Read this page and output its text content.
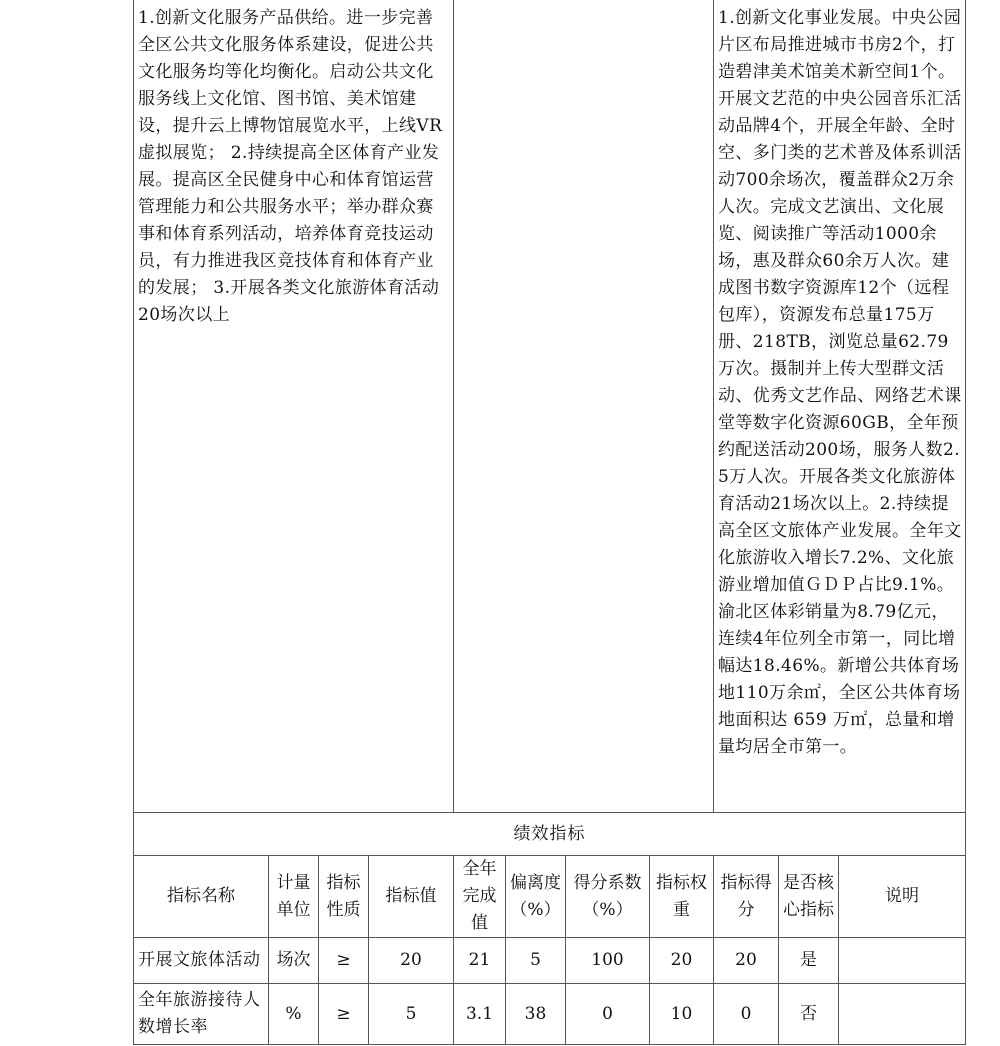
1.创新文化服务产品供给。进一步完善全区公共文化服务体系建设，促进公共文化服务均等化均衡化。启动公共文化服务线上文化馆、图书馆、美术馆建设，提升云上博物馆展览水平，上线VR虚拟展览； 2.持续提高全区体育产业发展。提高区全民健身中心和体育馆运营管理能力和公共服务水平；举办群众赛事和体育系列活动，培养体育竞技运动员，有力推进我区竞技体育和体育产业的发展； 3.开展各类文化旅游体育活动20场次以上								1.创新文化事业发展。中央公园片区布局推进城市书房2个，打造碧津美术馆美术新空间1个。开展文艺范的中央公园音乐汇活动品牌4个，开展全年龄、全时空、多门类的艺术普及体系训活动700余场次，覆盖群众2万余人次。完成文艺演出、文化展览、阅读推广等活动1000余场，惠及群众60余万人次。建成图书数字资源库12个（远程包库），资源发布总量175万册、218TB，浏览总量62.79万次。摄制并上传大型群文活动、优秀文艺作品、网络艺术课堂等数字化资源60GB，全年预约配送活动200场，服务人数2.5万人次。开展各类文化旅游体育活动21场次以上。2.持续提高全区文旅体产业发展。全年文化旅游收入增长7.2%、文化旅游业增加值ＧＤＰ占比9.1%。渝北区体彩销量为8.79亿元，连续4年位列全市第一，同比增幅达18.46%。新增公共体育场地110万余㎡，全区公共体育场地面积达 659 万㎡，总量和增量均居全市第一。		
绩效指标										
指标名称	计量单位	指标性质	指标值	全年完成值	偏离度（%）	得分系数（%）	指标权重	指标得分	是否核心指标	说明
开展文旅体活动	场次	≥	20	21	5	100	20	20	是	
全年旅游接待人数增长率	%	≥	5	3.1	38	0	10	0	否	
